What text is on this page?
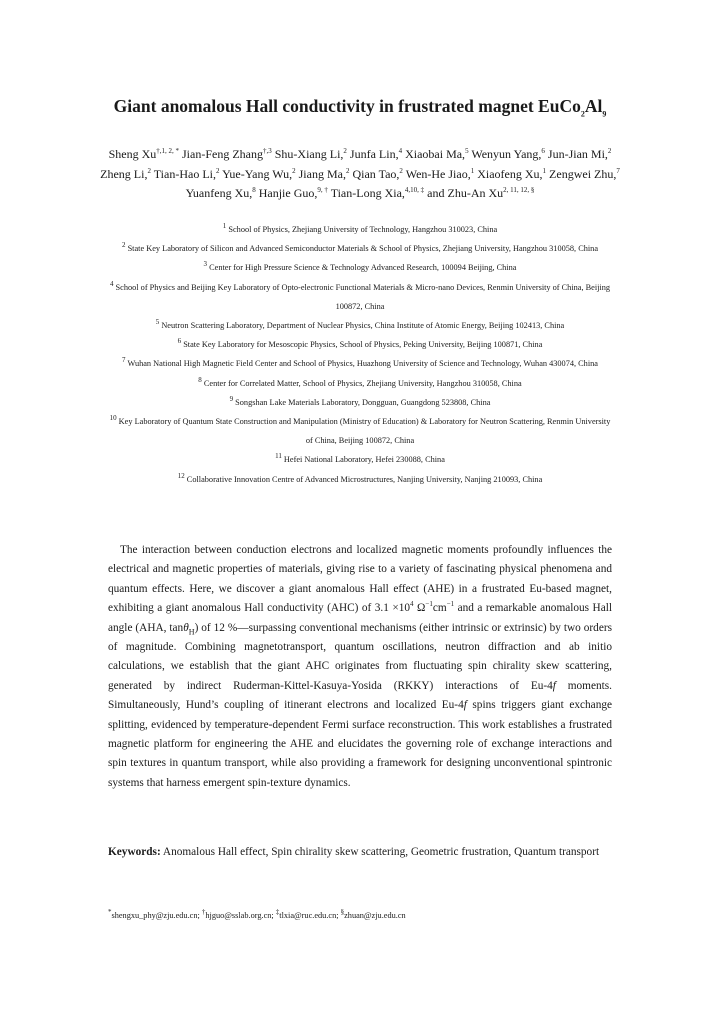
Giant anomalous Hall conductivity in frustrated magnet $EuCo_2Al_9$
Sheng $Xu^{\dagger,1, 2, *}$ Jian-Feng Zhang$^{\dagger,3}$ Shu-Xiang Li,$^2$ Junfa Lin,$^4$ Xiaobai Ma,$^5$ Wenyun Yang,$^6$ Jun-Jian Mi,$^2$ Zheng Li,$^2$ Tian-Hao Li,$^2$ Yue-Yang Wu,$^2$ Jiang Ma,$^2$ Qian Tao,$^2$ Wen-He Jiao,$^1$ Xiaofeng Xu,$^1$ Zengwei Zhu,$^7$ Yuanfeng Xu,$^8$ Hanjie Guo,$^{9, \dagger}$ Tian-Long Xia,$^{4,10, \ddagger}$ and Zhu-An $Xu^{2, 11, 12, \S}$
$^1$ School of Physics, Zhejiang University of Technology, Hangzhou 310023, China
$^2$ State Key Laboratory of Silicon and Advanced Semiconductor Materials & School of Physics, Zhejiang University, Hangzhou 310058, China
$^3$ Center for High Pressure Science & Technology Advanced Research, 100094 Beijing, China
$^4$ School of Physics and Beijing Key Laboratory of Opto-electronic Functional Materials & Micro-nano Devices, Renmin University of China, Beijing 100872, China
$^5$ Neutron Scattering Laboratory, Department of Nuclear Physics, China Institute of Atomic Energy, Beijing 102413, China
$^6$ State Key Laboratory for Mesoscopic Physics, School of Physics, Peking University, Beijing 100871, China
$^7$ Wuhan National High Magnetic Field Center and School of Physics, Huazhong University of Science and Technology, Wuhan 430074, China
$^8$ Center for Correlated Matter, School of Physics, Zhejiang University, Hangzhou 310058, China
$^9$ Songshan Lake Materials Laboratory, Dongguan, Guangdong 523808, China
$^{10}$ Key Laboratory of Quantum State Construction and Manipulation (Ministry of Education) & Laboratory for Neutron Scattering, Renmin University of China, Beijing 100872, China
$^{11}$ Hefei National Laboratory, Hefei 230088, China
$^{12}$ Collaborative Innovation Centre of Advanced Microstructures, Nanjing University, Nanjing 210093, China

The interaction between conduction electrons and localized magnetic moments profoundly influences the electrical and magnetic properties of materials, giving rise to a variety of fascinating physical phenomena and quantum effects. Here, we discover a giant anomalous Hall effect (AHE) in a frustrated Eu-based magnet, exhibiting a giant anomalous Hall conductivity (AHC) of $3.1 \times 10^4$ $\Omega^{-1}cm^{-1}$ and a remarkable anomalous Hall angle (AHA, tanθ$_H$) of 12 %—surpassing conventional mechanisms (either intrinsic or extrinsic) by two orders of magnitude. Combining magnetotransport, quantum oscillations, neutron diffraction and ab initio calculations, we establish that the giant AHC originates from fluctuating spin chirality skew scattering, generated by indirect Ruderman-Kittel-Kasuya-Yosida (RKKY) interactions of Eu-4f moments. Simultaneously, Hund’s coupling of itinerant electrons and localized Eu-4f spins triggers giant exchange splitting, evidenced by temperature-dependent Fermi surface reconstruction. This work establishes a frustrated magnetic platform for engineering the AHE and elucidates the governing role of exchange interactions and spin textures in quantum transport, while also providing a framework for designing unconventional spintronic systems that harness emergent spin-texture dynamics.

Keywords: Anomalous Hall effect, Spin chirality skew scattering, Geometric frustration, Quantum transport

*shengxu_phy@zju.edu.cn; †hjguo@sslab.org.cn; ‡tlxia@ruc.edu.cn; §zhuan@zju.edu.cn
